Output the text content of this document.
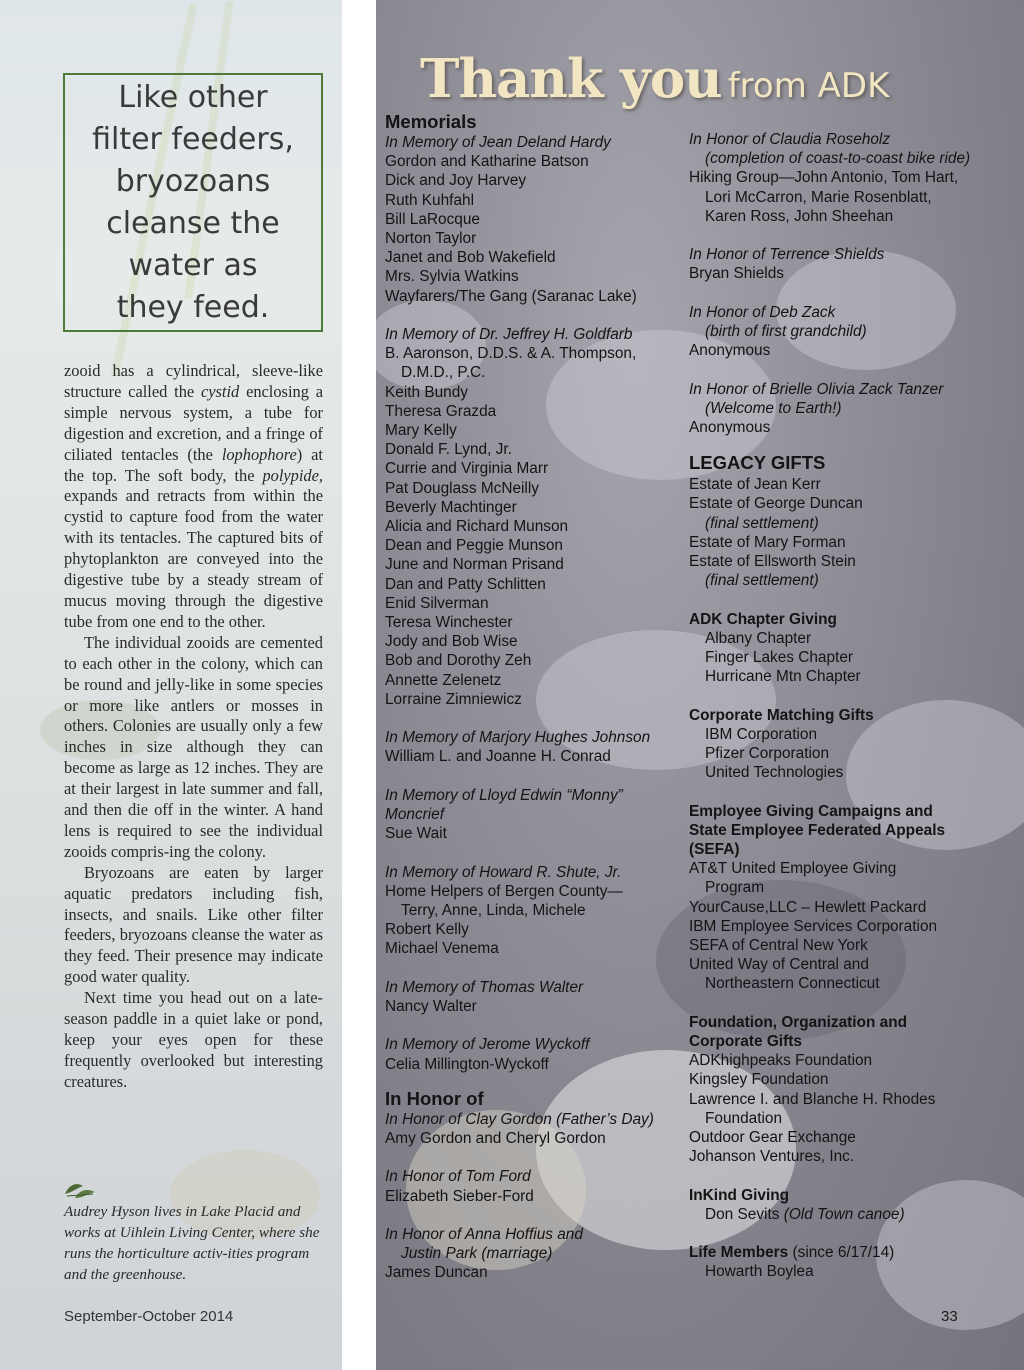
Like other
filter feeders,
bryozoans
cleanse the
water as
they feed.

zooid has a cylindrical, sleeve-like structure called the cystid enclosing a simple nervous system, a tube for digestion and excretion, and a fringe of ciliated tentacles (the lophophore) at the top. The soft body, the polypide, expands and retracts from within the cystid to capture food from the water with its tentacles. The captured bits of phytoplankton are conveyed into the digestive tube by a steady stream of mucus moving through the digestive tube from one end to the other.

The individual zooids are cemented to each other in the colony, which can be round and jelly-like in some species or more like antlers or mosses in others. Colonies are usually only a few inches in size although they can become as large as 12 inches. They are at their largest in late summer and fall, and then die off in the winter. A hand lens is required to see the individual zooids compris-ing the colony.

Bryozoans are eaten by larger aquatic predators including fish, insects, and snails. Like other filter feeders, bryozoans cleanse the water as they feed. Their presence may indicate good water quality.

Next time you head out on a late-season paddle in a quiet lake or pond, keep your eyes open for these frequently overlooked but interesting creatures.

Audrey Hyson lives in Lake Placid and works at Uihlein Living Center, where she runs the horticulture activ-ities program and the greenhouse.
September-October 2014	33
Thank you from ADK
Memorials
In Memory of Jean Deland Hardy
Gordon and Katharine Batson
Dick and Joy Harvey
Ruth Kuhfahl
Bill LaRocque
Norton Taylor
Janet and Bob Wakefield
Mrs. Sylvia Watkins
Wayfarers/The Gang (Saranac Lake)
In Memory of Dr. Jeffrey H. Goldfarb
B. Aaronson, D.D.S. & A. Thompson,
D.M.D., P.C.
Keith Bundy
Theresa Grazda
Mary Kelly
Donald F. Lynd, Jr.
Currie and Virginia Marr
Pat Douglass McNeilly
Beverly Machtinger
Alicia and Richard Munson
Dean and Peggie Munson
June and Norman Prisand
Dan and Patty Schlitten
Enid Silverman
Teresa Winchester
Jody and Bob Wise
Bob and Dorothy Zeh
Annette Zelenetz
Lorraine Zimniewicz
In Memory of Marjory Hughes Johnson
William L. and Joanne H. Conrad
In Memory of Lloyd Edwin “Monny”
Moncrief
Sue Wait
In Memory of Howard R. Shute, Jr.
Home Helpers of Bergen County—
Terry, Anne, Linda, Michele
Robert Kelly
Michael Venema
In Memory of Thomas Walter
Nancy Walter
In Memory of Jerome Wyckoff
Celia Millington-Wyckoff
In Honor of
In Honor of Clay Gordon (Father’s Day)
Amy Gordon and Cheryl Gordon
In Honor of Tom Ford
Elizabeth Sieber-Ford
In Honor of Anna Hoffius and
Justin Park (marriage)
James Duncan
In Honor of Claudia Roseholz
(completion of coast-to-coast bike ride)
Hiking Group—John Antonio, Tom Hart,
Lori McCarron, Marie Rosenblatt,
Karen Ross, John Sheehan
In Honor of Terrence Shields
Bryan Shields
In Honor of Deb Zack
(birth of first grandchild)
Anonymous
In Honor of Brielle Olivia Zack Tanzer
(Welcome to Earth!)
Anonymous
LEGACY GIFTS
Estate of Jean Kerr
Estate of George Duncan
(final settlement)
Estate of Mary Forman
Estate of Ellsworth Stein
(final settlement)
ADK Chapter Giving
Albany Chapter
Finger Lakes Chapter
Hurricane Mtn Chapter
Corporate Matching Gifts
IBM Corporation
Pfizer Corporation
United Technologies
Employee Giving Campaigns and
State Employee Federated Appeals
(SEFA)
AT&T United Employee Giving
Program
YourCause,LLC – Hewlett Packard
IBM Employee Services Corporation
SEFA of Central New York
United Way of Central and
Northeastern Connecticut
Foundation, Organization and
Corporate Gifts
ADKhighpeaks Foundation
Kingsley Foundation
Lawrence I. and Blanche H. Rhodes
Foundation
Outdoor Gear Exchange
Johanson Ventures, Inc.
InKind Giving
Don Sevits (Old Town canoe)
Life Members (since 6/17/14)
Howarth Boylea
